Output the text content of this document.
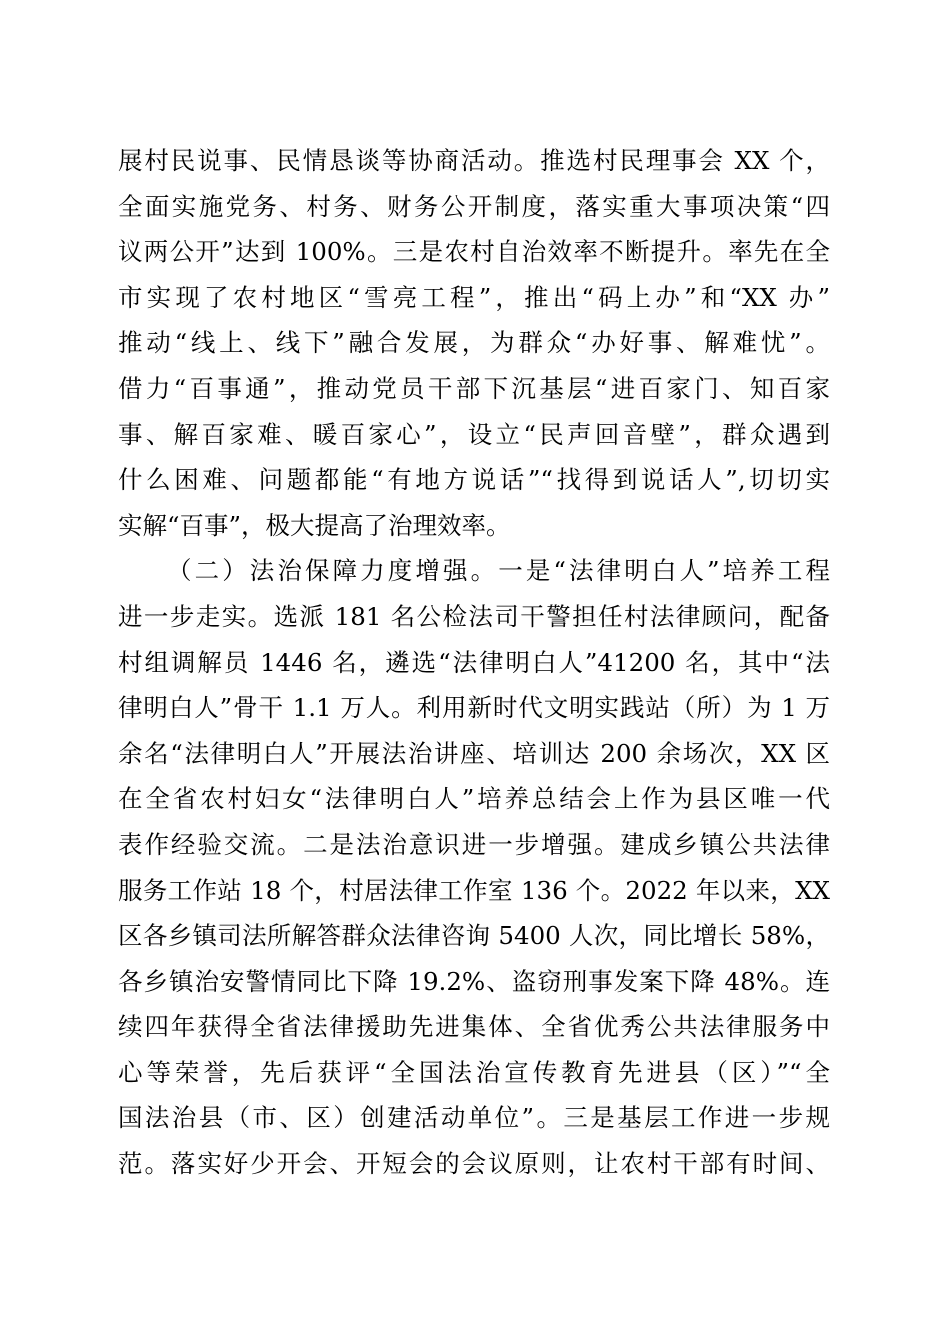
展村民说事、民情恳谈等协商活动。推选村民理事会 XX 个，
全面实施党务、村务、财务公开制度，落实重大事项决策“四
议两公开”达到 100%。三是农村自治效率不断提升。率先在全
市实现了农村地区“雪亮工程”，推出“码上办”和“XX 办”
推动“线上、线下”融合发展，为群众“办好事、解难忧”。
借力“百事通”，推动党员干部下沉基层“进百家门、知百家
事、解百家难、暖百家心”，设立“民声回音壁”，群众遇到
什么困难、问题都能“有地方说话”“找得到说话人”,切切实
实解“百事”，极大提高了治理效率。
（二）法治保障力度增强。一是“法律明白人”培养工程
进一步走实。选派 181 名公检法司干警担任村法律顾问，配备
村组调解员 1446 名，遴选“法律明白人”41200 名，其中“法
律明白人”骨干 1.1 万人。利用新时代文明实践站（所）为 1 万
余名“法律明白人”开展法治讲座、培训达 200 余场次，XX 区
在全省农村妇女“法律明白人”培养总结会上作为县区唯一代
表作经验交流。二是法治意识进一步增强。建成乡镇公共法律
服务工作站 18 个，村居法律工作室 136 个。2022 年以来，XX
区各乡镇司法所解答群众法律咨询 5400 人次，同比增长 58%，
各乡镇治安警情同比下降 19.2%、盗窃刑事发案下降 48%。连
续四年获得全省法律援助先进集体、全省优秀公共法律服务中
心等荣誉，先后获评“全国法治宣传教育先进县（区）”“全
国法治县（市、区）创建活动单位”。三是基层工作进一步规
范。落实好少开会、开短会的会议原则，让农村干部有时间、
